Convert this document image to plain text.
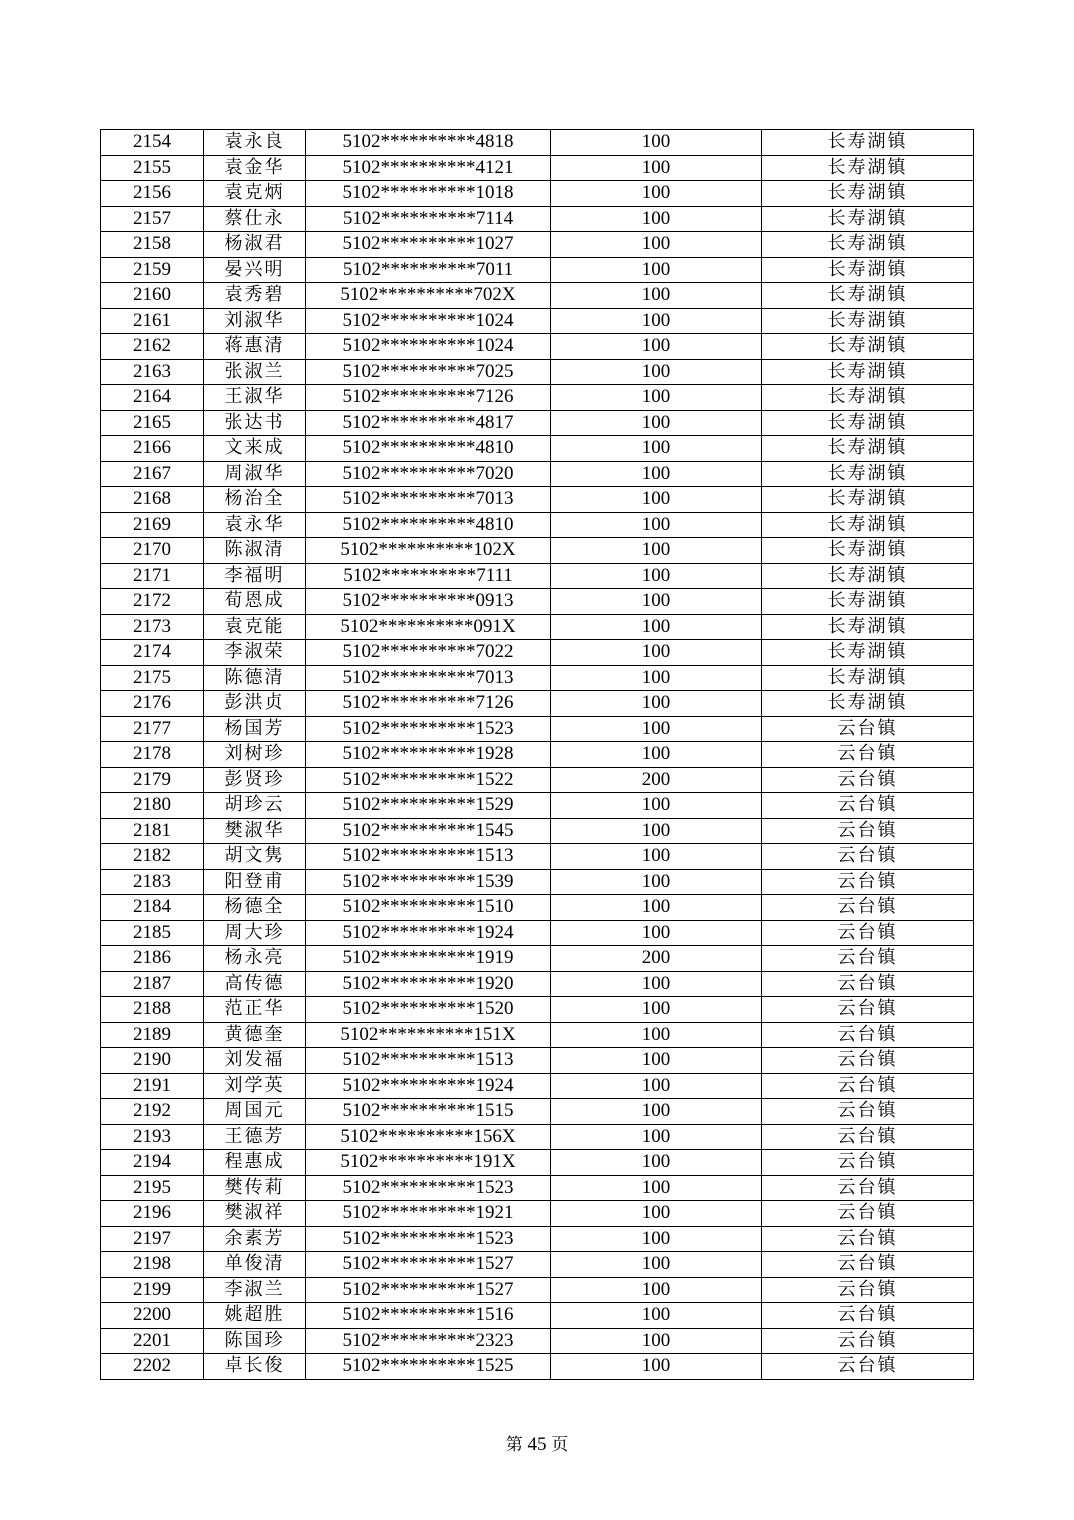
2154	袁永良	5102**********4818	100	长寿湖镇
2155	袁金华	5102**********4121	100	长寿湖镇
2156	袁克炳	5102**********1018	100	长寿湖镇
2157	蔡仕永	5102**********7114	100	长寿湖镇
2158	杨淑君	5102**********1027	100	长寿湖镇
2159	晏兴明	5102**********7011	100	长寿湖镇
2160	袁秀碧	5102**********702X	100	长寿湖镇
2161	刘淑华	5102**********1024	100	长寿湖镇
2162	蒋惠清	5102**********1024	100	长寿湖镇
2163	张淑兰	5102**********7025	100	长寿湖镇
2164	王淑华	5102**********7126	100	长寿湖镇
2165	张达书	5102**********4817	100	长寿湖镇
2166	文来成	5102**********4810	100	长寿湖镇
2167	周淑华	5102**********7020	100	长寿湖镇
2168	杨治全	5102**********7013	100	长寿湖镇
2169	袁永华	5102**********4810	100	长寿湖镇
2170	陈淑清	5102**********102X	100	长寿湖镇
2171	李福明	5102**********7111	100	长寿湖镇
2172	荀恩成	5102**********0913	100	长寿湖镇
2173	袁克能	5102**********091X	100	长寿湖镇
2174	李淑荣	5102**********7022	100	长寿湖镇
2175	陈德清	5102**********7013	100	长寿湖镇
2176	彭洪贞	5102**********7126	100	长寿湖镇
2177	杨国芳	5102**********1523	100	云台镇
2178	刘树珍	5102**********1928	100	云台镇
2179	彭贤珍	5102**********1522	200	云台镇
2180	胡珍云	5102**********1529	100	云台镇
2181	樊淑华	5102**********1545	100	云台镇
2182	胡文隽	5102**********1513	100	云台镇
2183	阳登甫	5102**********1539	100	云台镇
2184	杨德全	5102**********1510	100	云台镇
2185	周大珍	5102**********1924	100	云台镇
2186	杨永亮	5102**********1919	200	云台镇
2187	高传德	5102**********1920	100	云台镇
2188	范正华	5102**********1520	100	云台镇
2189	黄德奎	5102**********151X	100	云台镇
2190	刘发福	5102**********1513	100	云台镇
2191	刘学英	5102**********1924	100	云台镇
2192	周国元	5102**********1515	100	云台镇
2193	王德芳	5102**********156X	100	云台镇
2194	程惠成	5102**********191X	100	云台镇
2195	樊传莉	5102**********1523	100	云台镇
2196	樊淑祥	5102**********1921	100	云台镇
2197	余素芳	5102**********1523	100	云台镇
2198	单俊清	5102**********1527	100	云台镇
2199	李淑兰	5102**********1527	100	云台镇
2200	姚超胜	5102**********1516	100	云台镇
2201	陈国珍	5102**********2323	100	云台镇
2202	卓长俊	5102**********1525	100	云台镇
第 45 页
